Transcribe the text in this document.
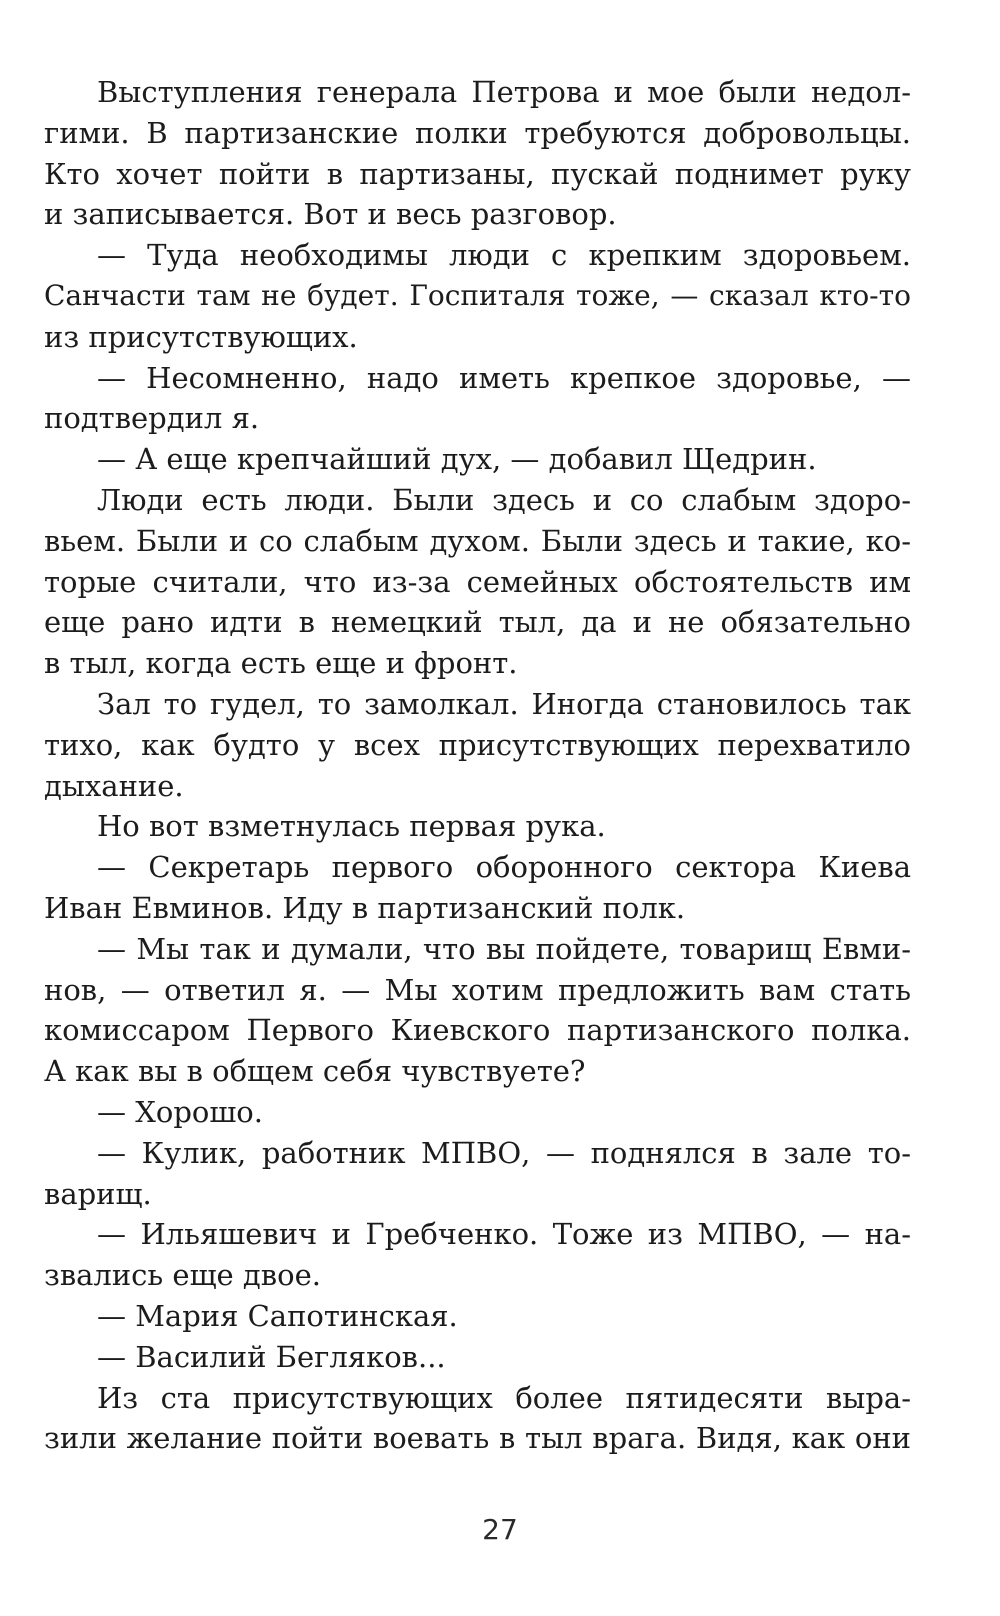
Выступления генерала Петрова и мое были недол-
гими. В партизанские полки требуются добровольцы.
Кто хочет пойти в партизаны, пускай поднимет руку
и записывается. Вот и весь разговор.
— Туда необходимы люди с крепким здоровьем.
Санчасти там не будет. Госпиталя тоже, — сказал кто-то
из присутствующих.
— Несомненно, надо иметь крепкое здоровье, —
подтвердил я.
— А еще крепчайший дух, — добавил Щедрин.
Люди есть люди. Были здесь и со слабым здоро-
вьем. Были и со слабым духом. Были здесь и такие, ко-
торые считали, что из-за семейных обстоятельств им
еще рано идти в немецкий тыл, да и не обязательно
в тыл, когда есть еще и фронт.
Зал то гудел, то замолкал. Иногда становилось так
тихо, как будто у всех присутствующих перехватило
дыхание.
Но вот взметнулась первая рука.
— Секретарь первого оборонного сектора Киева
Иван Евминов. Иду в партизанский полк.
— Мы так и думали, что вы пойдете, товарищ Евми-
нов, — ответил я. — Мы хотим предложить вам стать
комиссаром Первого Киевского партизанского полка.
А как вы в общем себя чувствуете?
— Хорошо.
— Кулик, работник МПВО, — поднялся в зале то-
варищ.
— Ильяшевич и Гребченко. Тоже из МПВО, — на-
звались еще двое.
— Мария Сапотинская.
— Василий Бегляков...
Из ста присутствующих более пятидесяти выра-
зили желание пойти воевать в тыл врага. Видя, как они
27
